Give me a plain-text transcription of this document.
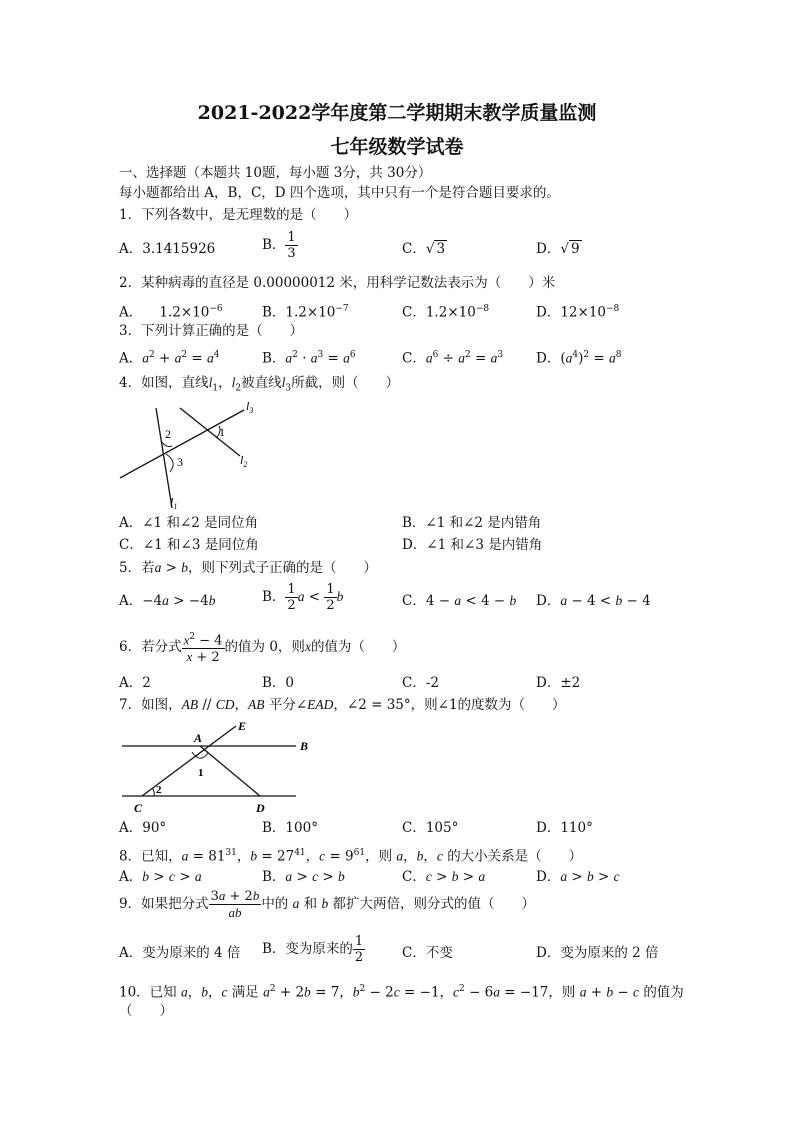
2021-2022学年度第二学期期末教学质量监测
七年级数学试卷
一、选择题（本题共 10题，每小题 3分，共 30分）
每小题都给出 A，B，C，D 四个选项，其中只有一个是符合题目要求的。
1．下列各数中，是无理数的是（　　）
A．3.1415926	B． $\frac{1}{3}$	C．√ 3	D．√ 9
2．某种病毒的直径是 0.00000012 米，用科学记数法表示为（　　）米
A． $1.2\times 10^{-6}$	B．$1.2\times 10^{-7}$	C．$1.2\times 10^{-8}$	D．$12\times 10^{-8}$
3．下列计算正确的是（　　）
A．$a^2 + a^2 = a^4$	B．$a^2 \cdot a^3 = a^6$	C．$a^6 \div a^2 = a^3$ D．$(a^4)^2 = a^8$
4．如图，直线$l_1$，$l_2$被直线$l_3$所截，则（　　）
1
2
3
$l_3$
$l_2$
$l_1$
A．∠1 和∠2 是同位角	B．∠1 和∠2 是内错角
C．∠1 和∠3 是同位角	D．∠1 和∠3 是内错角
5．若a > b，则下列式子正确的是（　　）
A．−4a > −4b	B． $\frac{1}{2}$ $a < \frac{1}{2}$ b	C．4 − a < 4 − b D．a − 4 < b − 4
6．若分式 $\frac{x^2 - 4}{x + 2}$ 的值为 0，则x的值为（　　）
A．2	B．0	C．-2	D．±2
7．如图，AB // CD，AB 平分∠EAD，∠2 = 35°，则∠1的度数为（　　）
A
E
B
C	D
1
2
A．90°	B．100°	C．105°	D．110°
8．已知，$a = 81^{31}$，$b = 27^{41}$，$c = 9^{61}$，则 a，b，c 的大小关系是（　　）
A．b > c > a	B．a > c > b	C．c > b > a	D．a > b > c
9．如果把分式 $\frac{3a + 2b}{ab}$ 中的 a 和 b 都扩大两倍，则分式的值（　　）
A．变为原来的 4 倍 B．变为原来的 $\frac{1}{2}$	C．不变	D．变为原来的 2 倍
10．已知 a，b，c 满足 $a^2 + 2b = 7$，$b^2 - 2c = -1$，$c^2 - 6a = -17$，则 a + b − c 的值为
（　　）
